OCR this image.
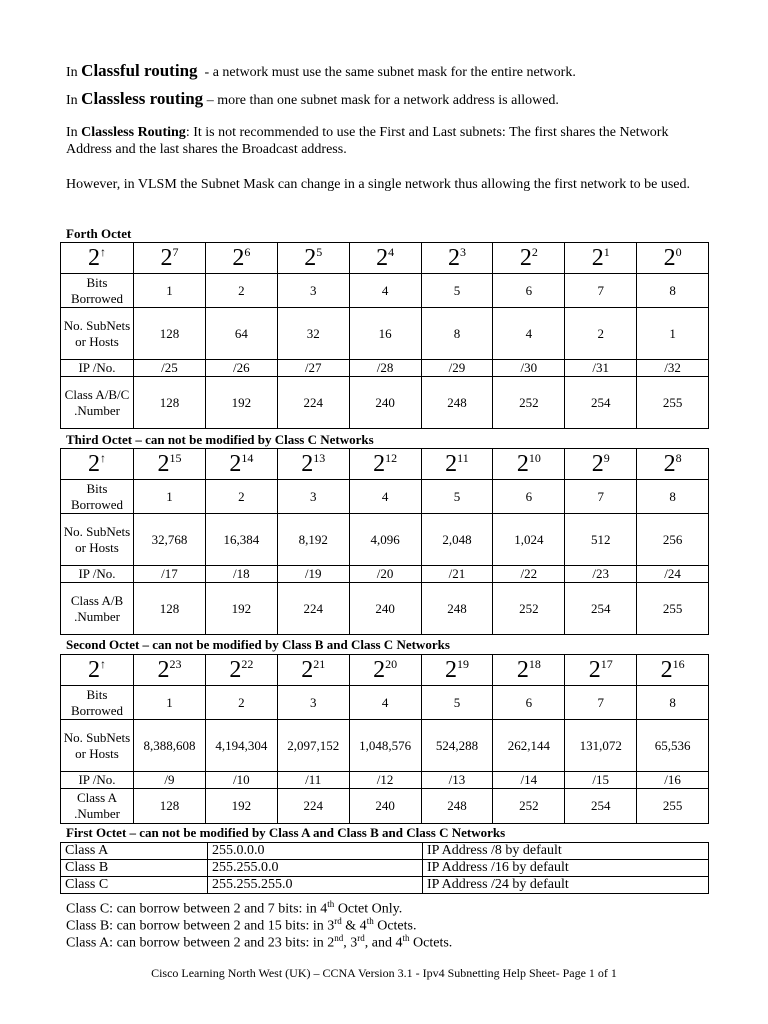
In Classful routing - a network must use the same subnet mask for the entire network.

In Classless routing – more than one subnet mask for a network address is allowed.

In Classless Routing: It is not recommended to use the First and Last subnets: The first shares the Network Address and the last shares the Broadcast address.

However, in VLSM the Subnet Mask can change in a single network thus allowing the first network to be used.

Forth Octet
2↑	$2^7$	$2^6$	$2^5$	$2^4$	$2^3$	$2^2$	$2^1$	$2^0$
Bits Borrowed	1	2	3	4	5	6	7	8
No. SubNets or Hosts	128	64	32	16	8	4	2	1
IP /No.	/25	/26	/27	/28	/29	/30	/31	/32
Class A/B/C
.Number	128	192	224	240	248	252	254	255
Third Octet – can not be modified by Class C Networks
2↑	$2^{15}$	$2^{14}$	$2^{13}$	$2^{12}$	$2^{11}$	$2^{10}$	$2^9$	$2^8$
Bits Borrowed	1	2	3	4	5	6	7	8
No. SubNets or Hosts	32,768	16,384	8,192	4,096	2,048	1,024	512	256
IP /No.	/17	/18	/19	/20	/21	/22	/23	/24
Class A/B
.Number	128	192	224	240	248	252	254	255
Second Octet – can not be modified by Class B and Class C Networks
2↑	$2^{23}$	$2^{22}$	$2^{21}$	$2^{20}$	$2^{19}$	$2^{18}$	$2^{17}$	$2^{16}$
Bits Borrowed	1	2	3	4	5	6	7	8
No. SubNets or Hosts	8,388,608	4,194,304	2,097,152	1,048,576	524,288	262,144	131,072	65,536
IP /No.	/9	/10	/11	/12	/13	/14	/15	/16
Class A
.Number	128	192	224	240	248	252	254	255
First Octet – can not be modified by Class A and Class B and Class C Networks
Class A	255.0.0.0	IP Address /8 by default
Class B	255.255.0.0	IP Address /16 by default
Class C	255.255.255.0	IP Address /24 by default
Class C: can borrow between 2 and 7 bits: in 4th Octet Only.
Class B: can borrow between 2 and 15 bits: in 3rd & 4th Octets.
Class A: can borrow between 2 and 23 bits: in 2nd, 3rd, and 4th Octets.
Cisco Learning North West (UK) – CCNA Version 3.1 - Ipv4 Subnetting Help Sheet- Page 1 of 1
